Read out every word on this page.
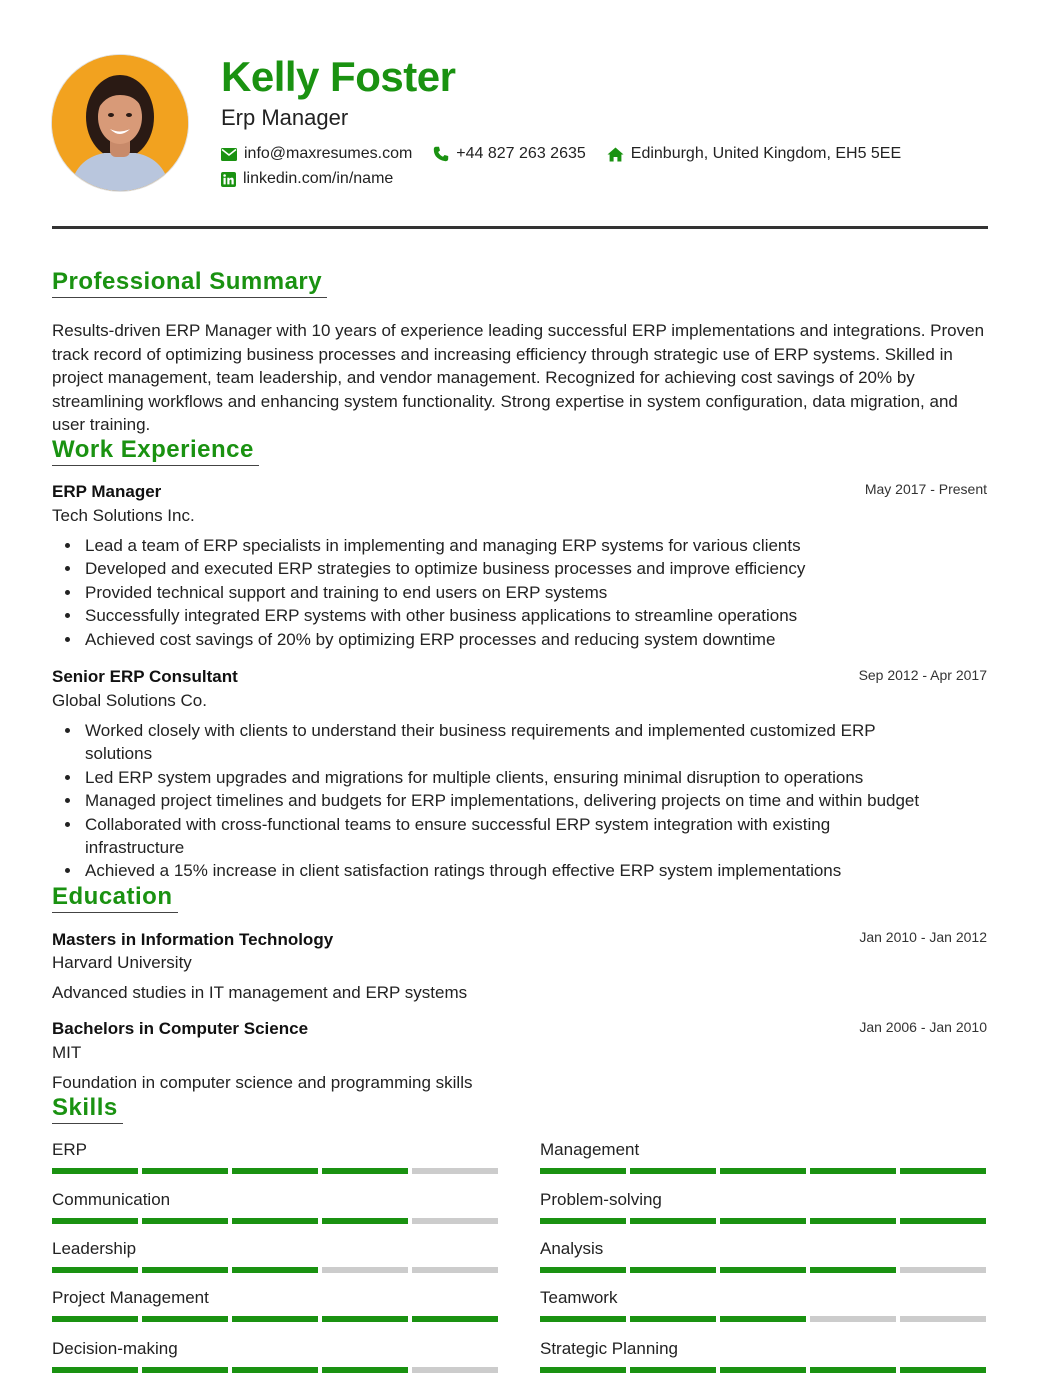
Kelly Foster
Erp Manager
info@maxresumes.com	+44 827 263 2635	Edinburgh, United Kingdom, EH5 5EE
linkedin.com/in/name
Professional Summary

Results-driven ERP Manager with 10 years of experience leading successful ERP implementations and integrations. Proven track record of optimizing business processes and increasing efficiency through strategic use of ERP systems. Skilled in project management, team leadership, and vendor management. Recognized for achieving cost savings of 20% by streamlining workflows and enhancing system functionality. Strong expertise in system configuration, data migration, and user training.

Work Experience
ERP Manager	May 2017 - Present
Tech Solutions Inc.
Lead a team of ERP specialists in implementing and managing ERP systems for various clients
Developed and executed ERP strategies to optimize business processes and improve efficiency
Provided technical support and training to end users on ERP systems
Successfully integrated ERP systems with other business applications to streamline operations
Achieved cost savings of 20% by optimizing ERP processes and reducing system downtime
Senior ERP Consultant	Sep 2012 - Apr 2017
Global Solutions Co.
Worked closely with clients to understand their business requirements and implemented customized ERP solutions
Led ERP system upgrades and migrations for multiple clients, ensuring minimal disruption to operations
Managed project timelines and budgets for ERP implementations, delivering projects on time and within budget
Collaborated with cross-functional teams to ensure successful ERP system integration with existing infrastructure
Achieved a 15% increase in client satisfaction ratings through effective ERP system implementations
Education
Masters in Information Technology	Jan 2010 - Jan 2012
Harvard University
Advanced studies in IT management and ERP systems
Bachelors in Computer Science	Jan 2006 - Jan 2010
MIT
Foundation in computer science and programming skills
Skills
ERP	Management
Communication	Problem-solving
Leadership	Analysis
Project Management	Teamwork
Decision-making	Strategic Planning
